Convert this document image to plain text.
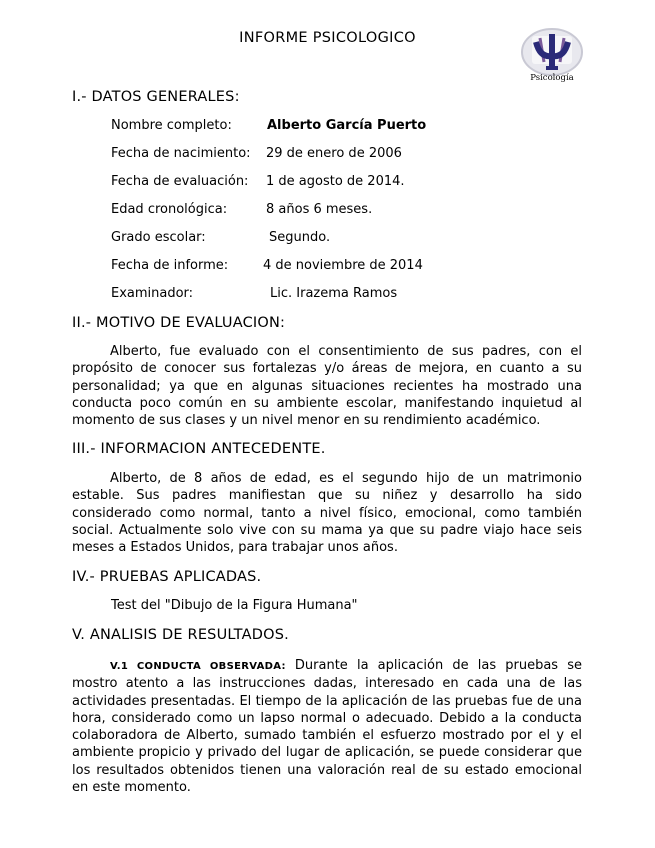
INFORME PSICOLOGICO
Psicología
I.- DATOS GENERALES:
Nombre completo:	Alberto García Puerto
Fecha de nacimiento: 29 de enero de 2006
Fecha de evaluación: 1 de agosto de 2014.
Edad cronológica:	8 años 6 meses.
Grado escolar:	Segundo.
Fecha de informe:	4 de noviembre de 2014
Examinador:	Lic. Irazema Ramos
II.- MOTIVO DE EVALUACION:

Alberto, fue evaluado con el consentimiento de sus padres, con el propósito de conocer sus fortalezas y/o áreas de mejora, en cuanto a su personalidad; ya que en algunas situaciones recientes ha mostrado una conducta poco común en su ambiente escolar, manifestando inquietud al momento de sus clases y un nivel menor en su rendimiento académico.

III.- INFORMACION ANTECEDENTE.

Alberto, de 8 años de edad, es el segundo hijo de un matrimonio estable. Sus padres manifiestan que su niñez y desarrollo ha sido considerado como normal, tanto a nivel físico, emocional, como también social. Actualmente solo vive con su mama ya que su padre viajo hace seis meses a Estados Unidos, para trabajar unos años.

IV.- PRUEBAS APLICADAS.
Test del "Dibujo de la Figura Humana"
V. ANALISIS DE RESULTADOS.

V.1 CONDUCTA OBSERVADA: Durante la aplicación de las pruebas se mostro atento a las instrucciones dadas, interesado en cada una de las actividades presentadas. El tiempo de la aplicación de las pruebas fue de una hora, considerado como un lapso normal o adecuado. Debido a la conducta colaboradora de Alberto, sumado también el esfuerzo mostrado por el y el ambiente propicio y privado del lugar de aplicación, se puede considerar que los resultados obtenidos tienen una valoración real de su estado emocional en este momento.
